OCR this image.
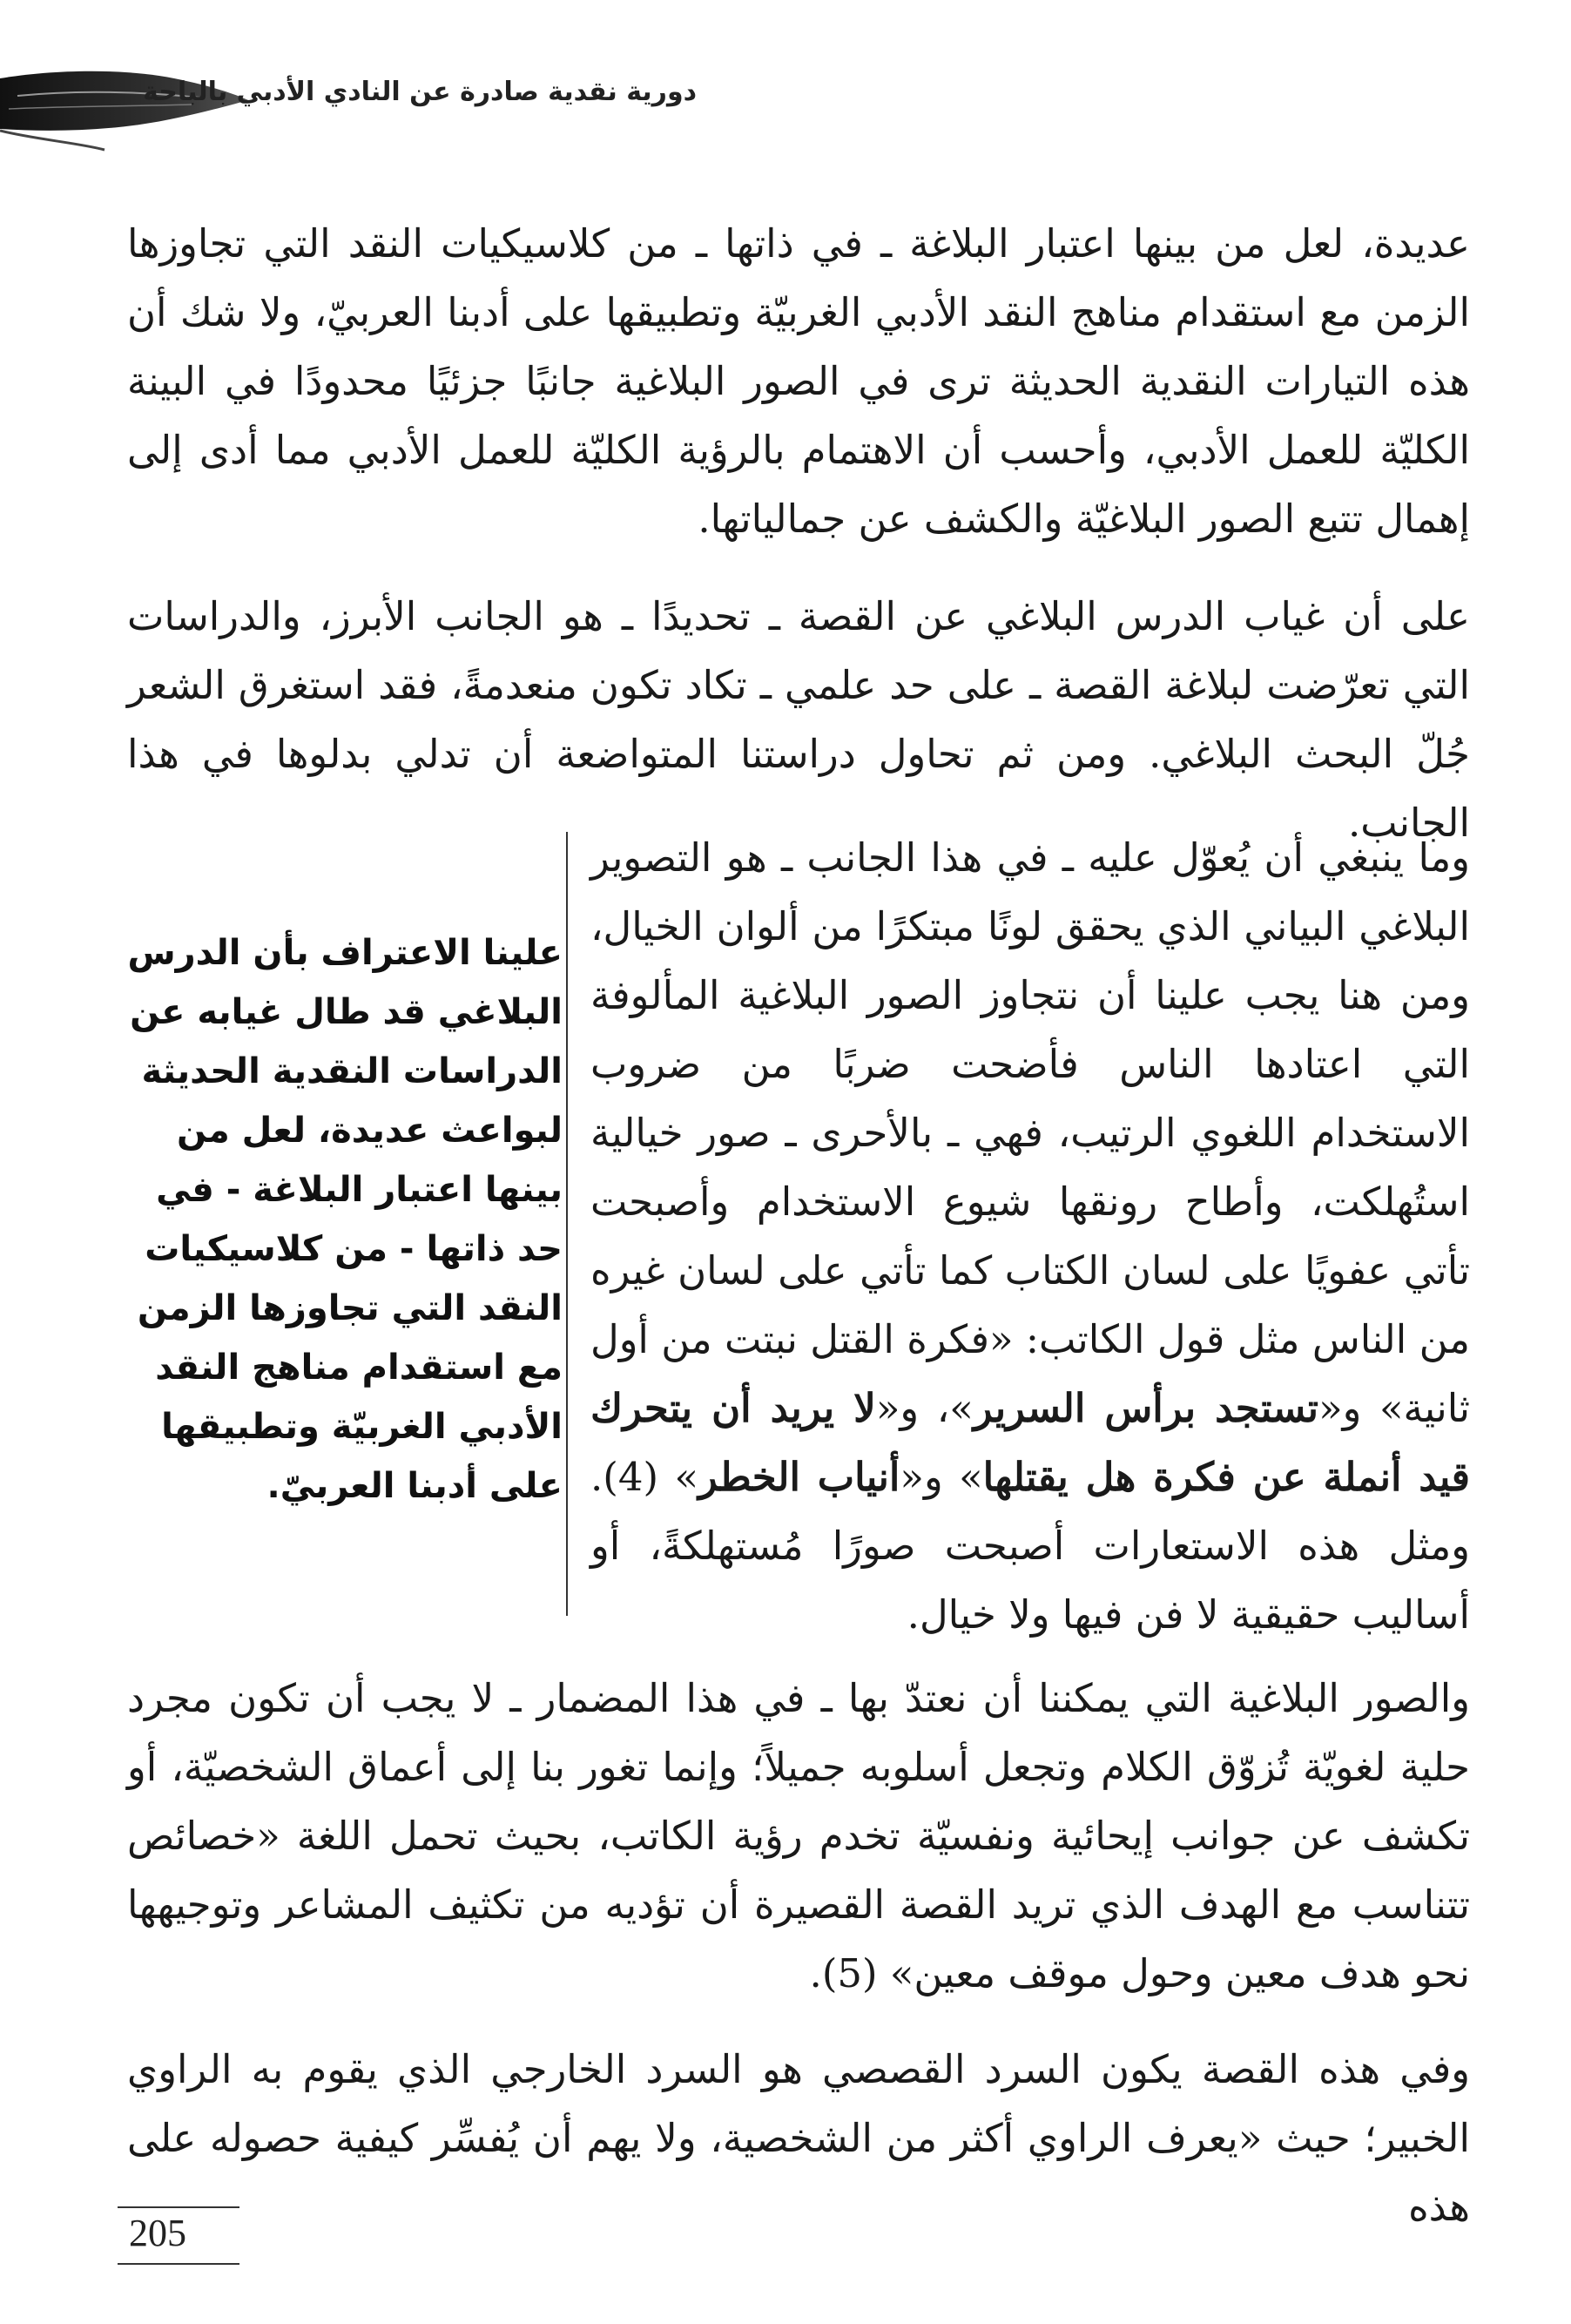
دورية نقدية صادرة عن النادي الأدبي بالباحة

عديدة، لعل من بينها اعتبار البلاغة ـ في ذاتها ـ من كلاسيكيات النقد التي تجاوزها الزمن مع استقدام مناهج النقد الأدبي الغربيّة وتطبيقها على أدبنا العربيّ، ولا شك أن هذه التيارات النقدية الحديثة ترى في الصور البلاغية جانبًا جزئيًا محدودًا في البينة الكليّة للعمل الأدبي، وأحسب أن الاهتمام بالرؤية الكليّة للعمل الأدبي مما أدى إلى إهمال تتبع الصور البلاغيّة والكشف عن جمالياتها.

على أن غياب الدرس البلاغي عن القصة ـ تحديدًا ـ هو الجانب الأبرز، والدراسات التي تعرّضت لبلاغة القصة ـ على حد علمي ـ تكاد تكون منعدمةً، فقد استغرق الشعر جُلّ البحث البلاغي. ومن ثم تحاول دراستنا المتواضعة أن تدلي بدلوها في هذا الجانب.

وما ينبغي أن يُعوّل عليه ـ في هذا الجانب ـ هو التصوير البلاغي البياني الذي يحقق لونًا مبتكرًا من ألوان الخيال، ومن هنا يجب علينا أن نتجاوز الصور البلاغية المألوفة التي اعتادها الناس فأضحت ضربًا من ضروب الاستخدام اللغوي الرتيب، فهي ـ بالأحرى ـ صور خيالية استُهلكت، وأطاح رونقها شيوع الاستخدام وأصبحت تأتي عفويًا على لسان الكتاب كما تأتي على لسان غيره من الناس مثل قول الكاتب: «فكرة القتل نبتت من أول ثانية» و«تستجد برأس السرير»، و«لا يريد أن يتحرك قيد أنملة عن فكرة هل يقتلها» و«أنياب الخطر» (4). ومثل هذه الاستعارات أصبحت صورًا مُستهلكةً، أو أساليب حقيقية لا فن فيها ولا خيال.

علينا الاعتراف بأن الدرس البلاغي قد طال غيابه عن الدراسات النقدية الحديثة لبواعث عديدة، لعل من بينها اعتبار البلاغة - في حد ذاتها - من كلاسيكيات النقد التي تجاوزها الزمن مع استقدام مناهج النقد الأدبي الغربيّة وتطبيقها على أدبنا العربيّ.

والصور البلاغية التي يمكننا أن نعتدّ بها ـ في هذا المضمار ـ لا يجب أن تكون مجرد حلية لغويّة تُزوّق الكلام وتجعل أسلوبه جميلاً؛ وإنما تغور بنا إلى أعماق الشخصيّة، أو تكشف عن جوانب إيحائية ونفسيّة تخدم رؤية الكاتب، بحيث تحمل اللغة «خصائص تتناسب مع الهدف الذي تريد القصة القصيرة أن تؤديه من تكثيف المشاعر وتوجيهها نحو هدف معين وحول موقف معين» (5).

وفي هذه القصة يكون السرد القصصي هو السرد الخارجي الذي يقوم به الراوي الخبير؛ حيث «يعرف الراوي أكثر من الشخصية، ولا يهم أن يُفسِّر كيفية حصوله على هذه

205
